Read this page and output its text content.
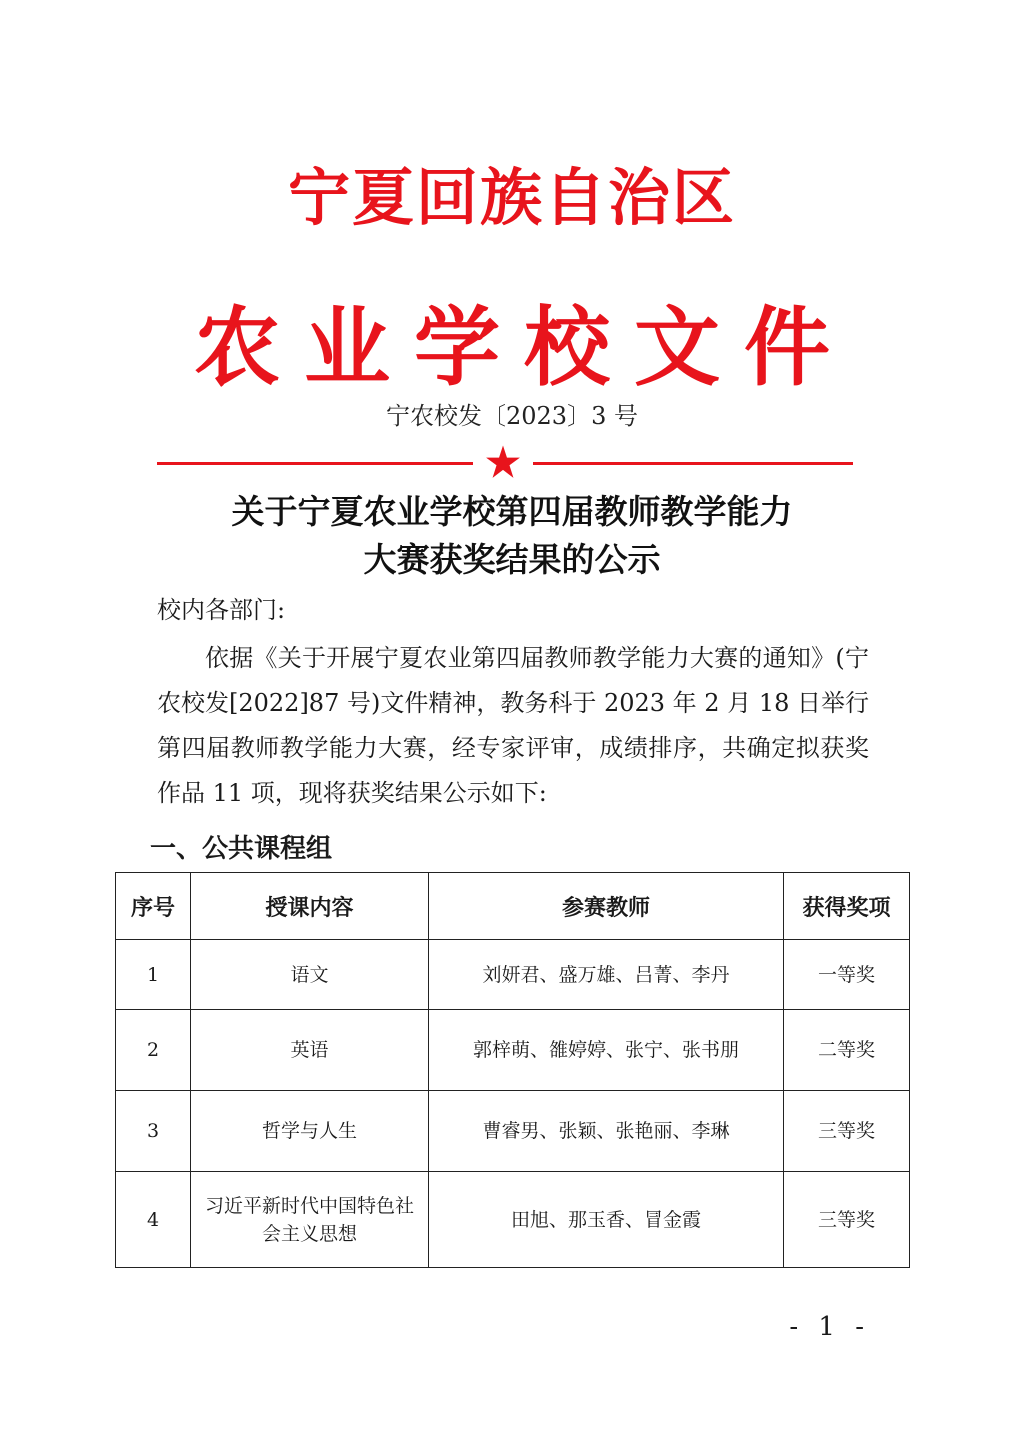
宁夏回族自治区
农业学校文件
宁农校发〔2023〕3 号
关于宁夏农业学校第四届教师教学能力
大赛获奖结果的公示
校内各部门:
依据《关于开展宁夏农业第四届教师教学能力大赛的通知》(宁农校发[2022]87 号)文件精神，教务科于 2023 年 2 月 18 日举行第四届教师教学能力大赛，经专家评审，成绩排序，共确定拟获奖作品 11 项，现将获奖结果公示如下:
一、公共课程组
序号	授课内容	参赛教师	获得奖项
1	语文	刘妍君、盛万雄、吕菁、李丹	一等奖
2	英语	郭梓萌、雒婷婷、张宁、张书朋	二等奖
3	哲学与人生	曹睿男、张颖、张艳丽、李琳	三等奖
4	习近平新时代中国特色社会主义思想	田旭、那玉香、冒金霞	三等奖
- 1 -
